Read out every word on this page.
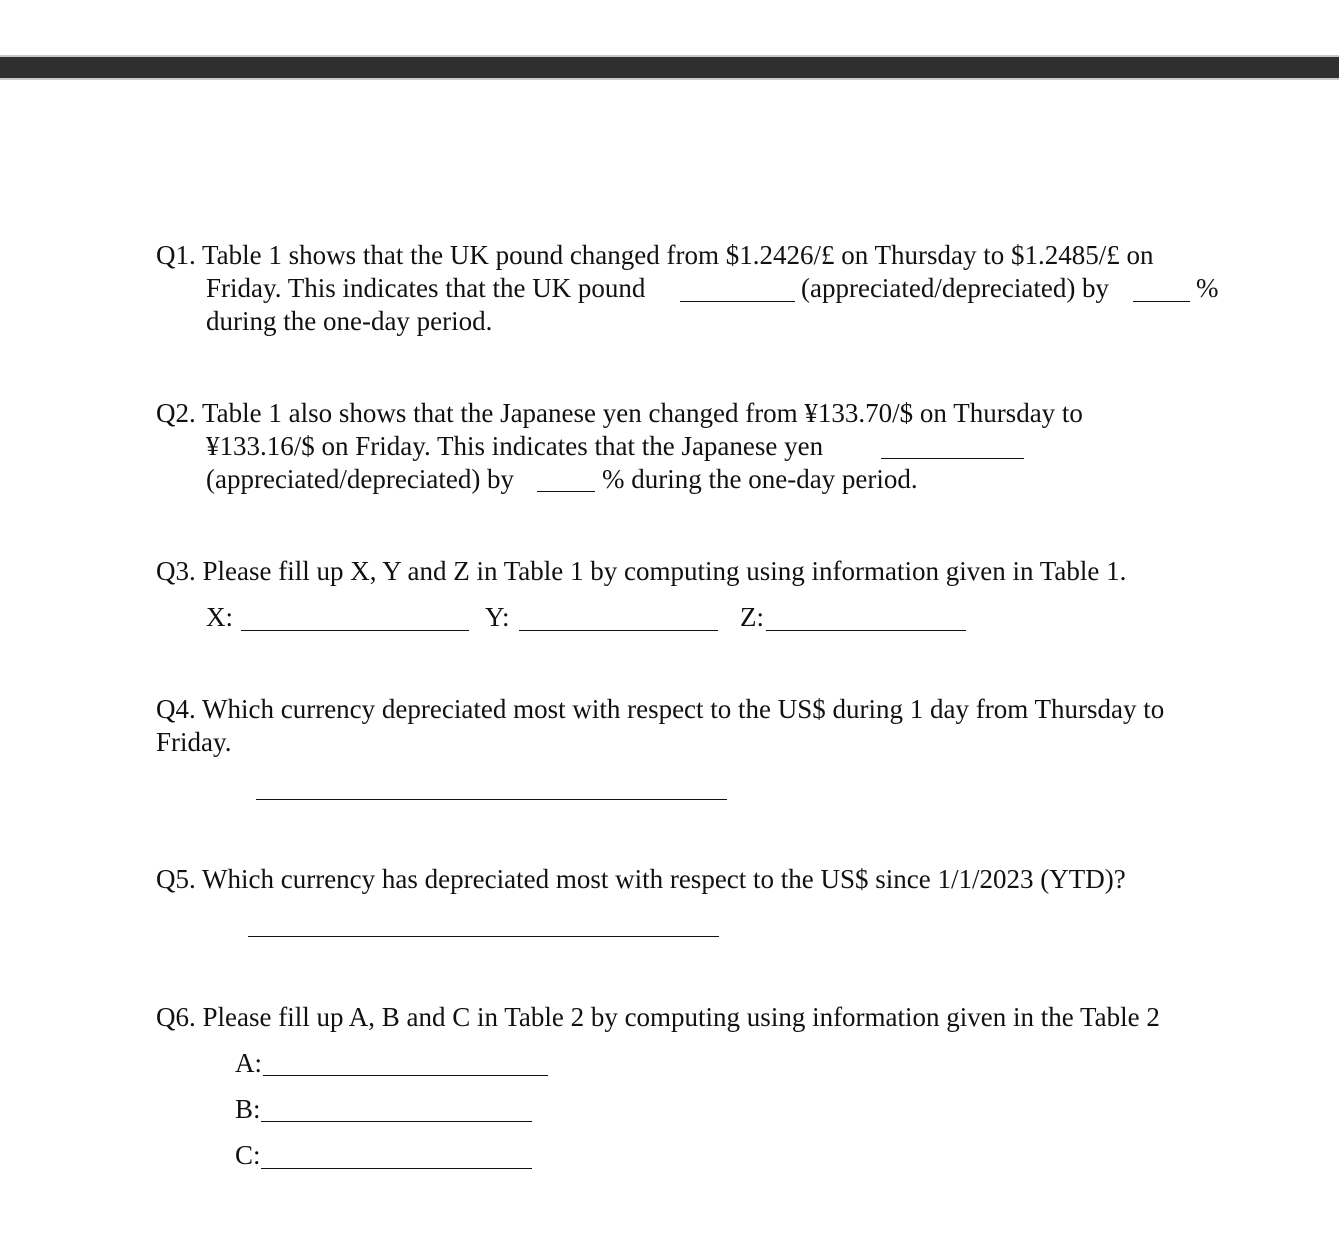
Q1. Table 1 shows that the UK pound changed from $1.2426/£ on Thursday to $1.2485/£ on
Friday. This indicates that the UK pound
during the one-day period.
(appreciated/depreciated) by	%
Q2. Table 1 also shows that the Japanese yen changed from ¥133.70/$ on Thursday to
¥133.16/$ on Friday. This indicates that the Japanese yen
(appreciated/depreciated) by	% during the one-day period.
Q3. Please fill up X, Y and Z in Table 1 by computing using information given in Table 1.
X:	Y:	Z:
Q4. Which currency depreciated most with respect to the US$ during 1 day from Thursday to
Friday.
Q5. Which currency has depreciated most with respect to the US$ since 1/1/2023 (YTD)?
Q6. Please fill up A, B and C in Table 2 by computing using information given in the Table 2
A:
B:
C:
